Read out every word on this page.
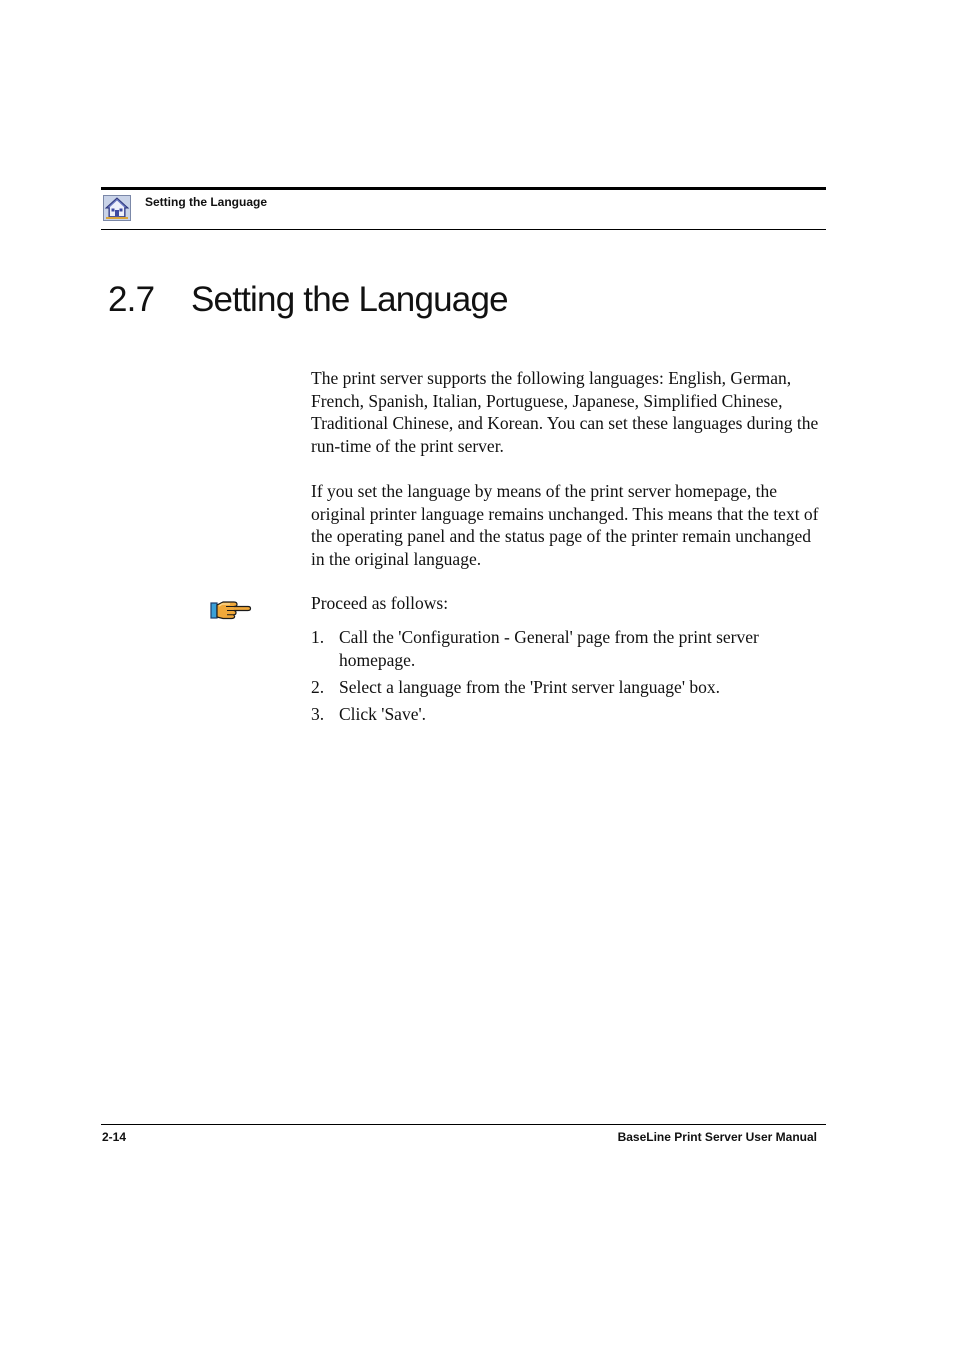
Setting the Language
2.7 Setting the Language

The print server supports the following languages: English, German, French, Spanish, Italian, Portuguese, Japanese, Simplified Chinese, Traditional Chinese, and Korean. You can set these languages during the run-time of the print server.

If you set the language by means of the print server homepage, the original printer language remains unchanged. This means that the text of the operating panel and the status page of the printer remain unchanged in the original language.

Proceed as follows:

1. Call the 'Configuration - General' page from the print server homepage.
2. Select a language from the 'Print server language' box.
3. Click 'Save'.
2-14	BaseLine Print Server User Manual
